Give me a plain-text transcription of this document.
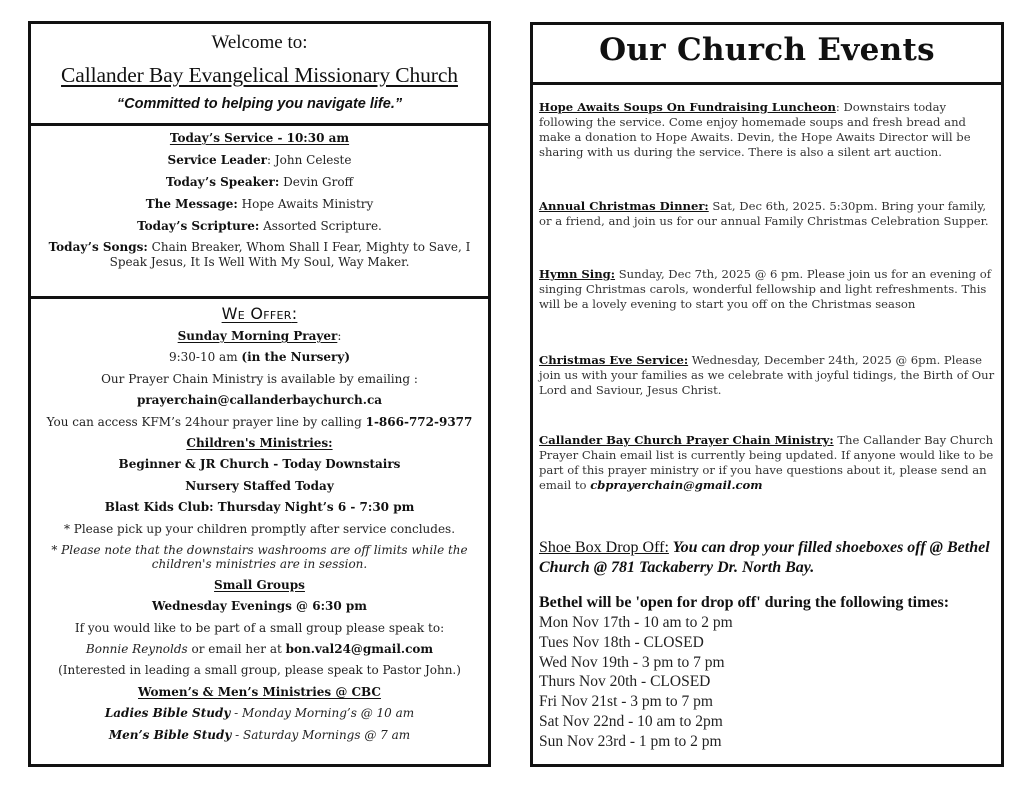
Welcome to:
Callander Bay Evangelical Missionary Church
“Committed to helping you navigate life.”
Today’s Service - 10:30 am
Service Leader: John Celeste
Today’s Speaker: Devin Groff
The Message: Hope Awaits Ministry
Today’s Scripture: Assorted Scripture.
Today’s Songs: Chain Breaker, Whom Shall I Fear, Mighty to Save, I Speak Jesus, It Is Well With My Soul, Way Maker.
We Offer:
Sunday Morning Prayer:
9:30-10 am (in the Nursery)
Our Prayer Chain Ministry is available by emailing :
prayerchain@callanderbaychurch.ca
You can access KFM’s 24hour prayer line by calling 1-866-772-9377
Children's Ministries:
Beginner & JR Church - Today Downstairs
Nursery Staffed Today
Blast Kids Club: Thursday Night’s 6 - 7:30 pm
* Please pick up your children promptly after service concludes.
* Please note that the downstairs washrooms are off limits while the children's ministries are in session.
Small Groups
Wednesday Evenings @ 6:30 pm
If you would like to be part of a small group please speak to:
Bonnie Reynolds or email her at bon.val24@gmail.com
(Interested in leading a small group, please speak to Pastor John.)
Women’s & Men’s Ministries @ CBC
Ladies Bible Study - Monday Morning’s @ 10 am
Men’s Bible Study - Saturday Mornings @ 7 am
Our Church Events
Hope Awaits Soups On Fundraising Luncheon: Downstairs today following the service. Come enjoy homemade soups and fresh bread and make a donation to Hope Awaits. Devin, the Hope Awaits Director will be sharing with us during the service. There is also a silent art auction.
Annual Christmas Dinner: Sat, Dec 6th, 2025. 5:30pm. Bring your family, or a friend, and join us for our annual Family Christmas Celebration Supper.
Hymn Sing: Sunday, Dec 7th, 2025 @ 6 pm. Please join us for an evening of singing Christmas carols, wonderful fellowship and light refreshments. This will be a lovely evening to start you off on the Christmas season
Christmas Eve Service: Wednesday, December 24th, 2025 @ 6pm. Please join us with your families as we celebrate with joyful tidings, the Birth of Our Lord and Saviour, Jesus Christ.
Callander Bay Church Prayer Chain Ministry: The Callander Bay Church Prayer Chain email list is currently being updated. If anyone would like to be part of this prayer ministry or if you have questions about it, please send an email to cbprayerchain@gmail.com
Shoe Box Drop Off: You can drop your filled shoeboxes off @ Bethel Church @ 781 Tackaberry Dr. North Bay.
Bethel will be 'open for drop off' during the following times:
Mon Nov 17th - 10 am to 2 pm
Tues Nov 18th - CLOSED
Wed Nov 19th - 3 pm to 7 pm
Thurs Nov 20th - CLOSED
Fri Nov 21st - 3 pm to 7 pm
Sat Nov 22nd - 10 am to 2pm
Sun Nov 23rd - 1 pm to 2 pm
